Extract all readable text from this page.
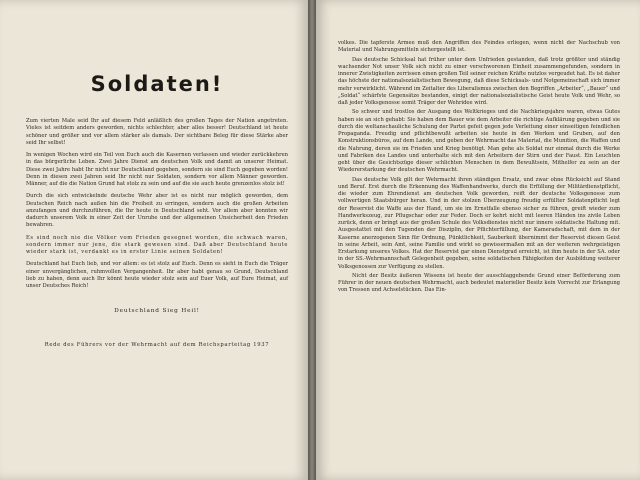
Soldaten!

Zum vierten Male seid Ihr auf diesem Feld anläßlich des großen Tages der Nation angetreten. Vieles ist seitdem anders geworden, nichts schlechter, aber alles besser! Deutschland ist heute schöner und größer und vor allem stärker als damals. Der sichtbare Beleg für diese Stärke aber seid Ihr selbst!

In wenigen Wochen wird ein Teil von Euch auch die Kasernen verlassen und wieder zurückkehren in das bürgerliche Leben. Zwei Jahre Dienst am deutschen Volk und damit an unserer Heimat. Diese zwei Jahre habt Ihr nicht nur Deutschland gegeben, sondern sie sind Euch gegeben worden! Denn in diesen zwei Jahren seid Ihr nicht nur Soldaten, sondern vor allem Männer geworden. Männer, auf die die Nation Grund hat stolz zu sein und auf die sie auch heute grenzenlos stolz ist!

Durch die sich entwickelnde deutsche Wehr aber ist es nicht nur möglich geworden, dem Deutschen Reich nach außen hin die Freiheit zu erringen, sondern auch die großen Arbeiten anzufangen und durchzuführen, die Ihr heute in Deutschland seht. Vor allem aber konnten wir dadurch unserem Volk in einer Zeit der Unruhe und der allgemeinen Unsicherheit den Frieden bewahren.

Es sind noch nie die Völker vom Frieden gesegnet worden, die schwach waren, sondern immer nur jene, die stark gewesen sind. Daß aber Deutschland heute wieder stark ist, verdankt es in erster Linie seinen Soldaten!

Deutschland hat Euch lieb, und vor allem: es ist stolz auf Euch. Denn es sieht in Euch die Träger einer unvergänglichen, ruhmvollen Vergangenheit. Ihr aber habt genau so Grund, Deutschland lieb zu haben, denn auch Ihr könnt heute wieder stolz sein auf Euer Volk, auf Eure Heimat, auf unser Deutsches Reich!

Deutschland Sieg Heil!
Rede des Führers vor der Wehrmacht auf dem Reichsparteitag 1937

volkes. Die tapferste Armee muß den Angriffen des Feindes erliegen, wenn nicht der Nachschub von Material und Nahrungsmitteln sichergestellt ist.

Das deutsche Schicksal hat früher unter dem Unfrieden gestanden, daß trotz größter und ständig wachsender Not unser Volk sich nicht zu einer verschworenen Einheit zusammengefunden, sondern in innerer Zwistigkeiten zerrissen einen großen Teil seiner reichen Kräfte nutzlos vergeudet hat. Es ist daher das höchste der nationalsozialistischen Bewegung, daß diese Schicksals- und Notgemeinschaft sich immer mehr verwirklicht. Während im Zeitalter des Liberalismus zwischen den Begriffen „Arbeiter“, „Bauer“ und „Soldat“ schärfste Gegensätze bestanden, einigt der nationalsozialistische Geist heute Volk und Wehr, so daß jeder Volksgenosse somit Träger der Wehridee wird.

So schwer und trostlos der Ausgang des Weltkrieges und die Nachkriegsjahre waren, etwas Gutes haben sie an sich gehabt: Sie haben dem Bauer wie dem Arbeiter die richtige Aufklärung gegeben und sie durch die weltanschauliche Schulung der Partei gefeit gegen jede Verleitung einer einseitigen feindlichen Propaganda. Freudig und pflichtbewußt arbeiten sie heute in den Werken und Gruben, auf den Konstruktionsbüros, auf dem Lande, und geben der Wehrmacht das Material, die Munition, die Waffen und die Nahrung, deren sie im Frieden und Krieg benötigt. Man gehe als Soldat nur einmal durch die Werke und Fabriken des Landes und unterhalte sich mit den Arbeitern der Stirn und der Faust. Ein Leuchten geht über die Gesichtszüge dieser schlichten Menschen in dem Bewußtsein, Mithelfer zu sein an der Wiedererstarkung der deutschen Wehrmacht.

Das deutsche Volk gilt der Wehrmacht ihren ständigen Ersatz, und zwar ohne Rücksicht auf Stand und Beruf. Erst durch die Erkennung des Waffenhandwerks, durch die Erfüllung der Militärdienstpflicht, die wieder zum Ehrendienst am deutschen Volk geworden, reift der deutsche Volksgenosse zum vollwertigen Staatsbürger heran. Und in der stolzen Überzeugung freudig erfüllter Soldatenpflicht legt der Reservist die Waffe aus der Hand, um sie im Ernstfalle ebenso sicher zu führen, greift wieder zum Handwerkszeug, zur Pflugschar oder zur Feder. Doch er kehrt nicht mit leeren Händen ins zivile Leben zurück, denn er bringt aus der großen Schule des Volksdienstes nicht nur innere soldatische Haltung mit. Ausgestattet mit den Tugenden der Disziplin, der Pflichterfüllung, der Kameradschaft, mit dem in der Kaserne anerzogenen Sinn für Ordnung, Pünktlichkeit, Sauberkeit übernimmt der Reservist diesen Geist in seine Arbeit, sein Amt, seine Familie und wirkt so gewissermaßen mit an der weiteren wehrgeistigen Erstarkung unseres Volkes. Hat der Reservist gar einen Dienstgrad erreicht, ist ihm heute in der SA. oder in der SS.-Wehrmannschaft Gelegenheit gegeben, seine soldatischen Fähigkeiten der Ausbildung weiterer Volksgenossen zur Verfügung zu stellen.

Nicht der Besitz äußeren Wissens ist heute der ausschlaggebende Grund einer Beförderung zum Führer in der neuen deutschen Wehrmacht, auch bedeutet materieller Besitz kein Vorrecht zur Erlangung von Tressen und Achselstücken. Das Ein-
